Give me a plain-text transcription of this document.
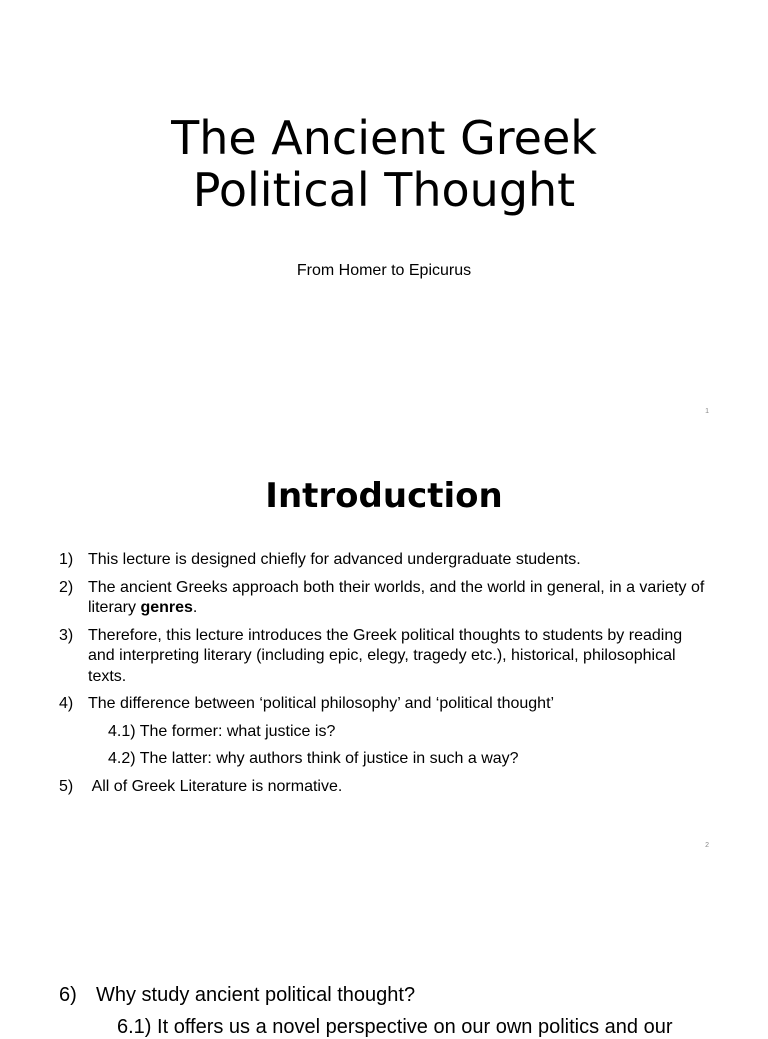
The Ancient Greek
Political Thought
From Homer to Epicurus
1
Introduction
1) This lecture is designed chiefly for advanced undergraduate students.
2) The ancient Greeks approach both their worlds, and the world in general, in a variety of literary genres.
3) Therefore, this lecture introduces the Greek political thoughts to students by reading and interpreting literary (including epic, elegy, tragedy etc.), historical, philosophical texts.
4) The difference between ‘political philosophy’ and ‘political thought’
4.1) The former: what justice is?
4.2) The latter: why authors think of justice in such a way?
5) All of Greek Literature is normative.
2
6) Why study ancient political thought?
6.1) It offers us a novel perspective on our own politics and our
